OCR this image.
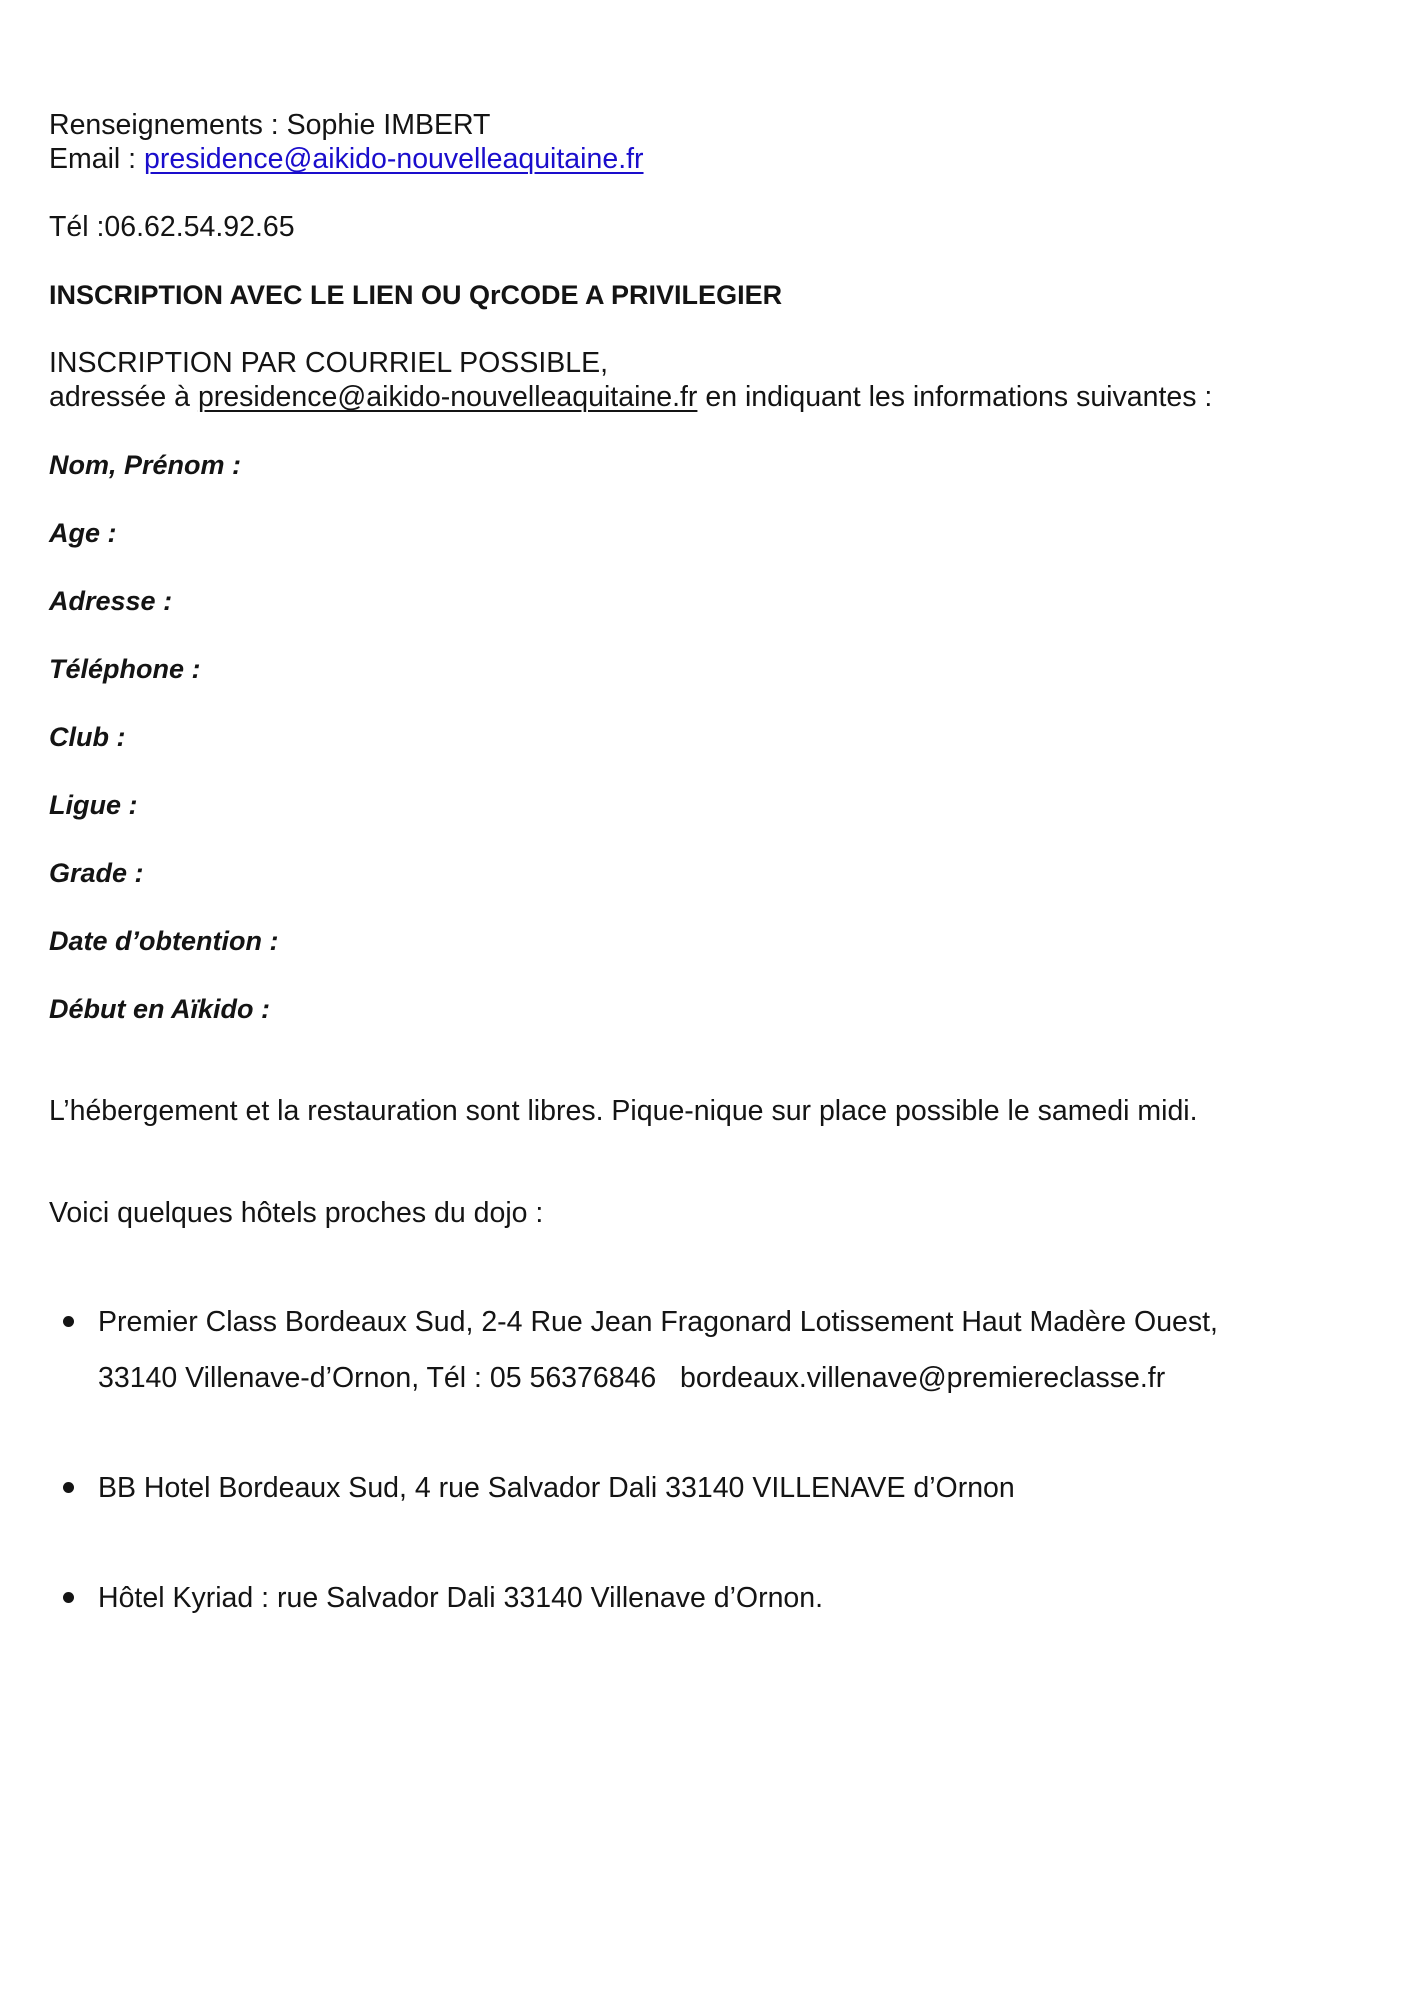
Renseignements : Sophie IMBERT
Email : presidence@aikido-nouvelleaquitaine.fr
Tél :06.62.54.92.65
INSCRIPTION AVEC LE LIEN OU QrCODE A PRIVILEGIER
INSCRIPTION PAR COURRIEL POSSIBLE,
adressée à presidence@aikido-nouvelleaquitaine.fr en indiquant les informations suivantes :

Nom, Prénom :

Age :

Adresse :

Téléphone :

Club :

Ligue :

Grade :

Date d’obtention :

Début en Aïkido :

L’hébergement et la restauration sont libres. Pique-nique sur place possible le samedi midi.
Voici quelques hôtels proches du dojo :
Premier Class Bordeaux Sud, 2-4 Rue Jean Fragonard Lotissement Haut Madère Ouest,
33140 Villenave-d’Ornon, Tél : 05 56376846   bordeaux.villenave@premiereclasse.fr
BB Hotel Bordeaux Sud, 4 rue Salvador Dali 33140 VILLENAVE d’Ornon
Hôtel Kyriad : rue Salvador Dali 33140 Villenave d’Ornon.
